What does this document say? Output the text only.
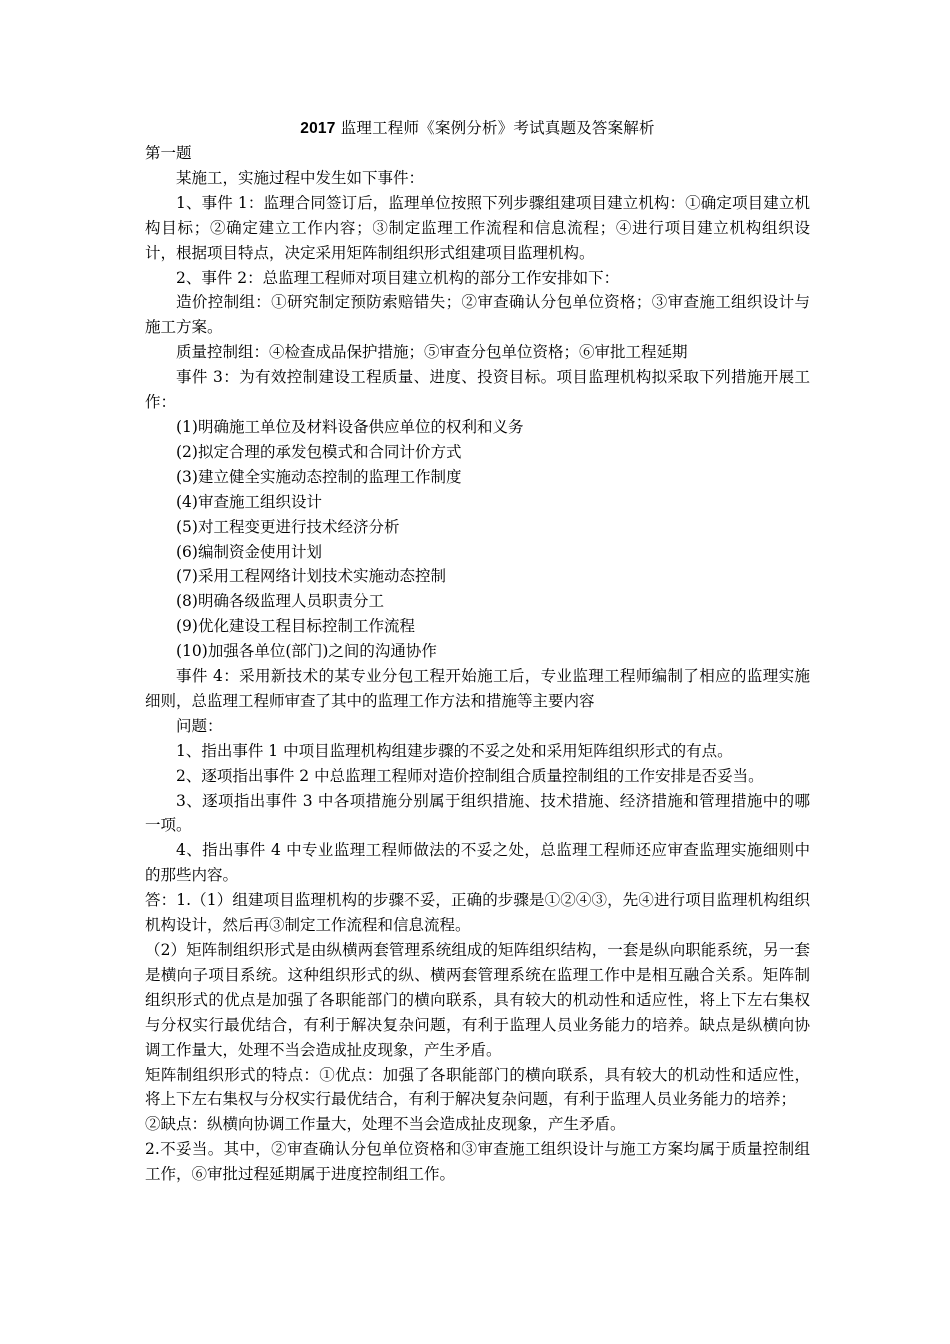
2017 监理工程师《案例分析》考试真题及答案解析

第一题

某施工，实施过程中发生如下事件：

1、事件 1：监理合同签订后，监理单位按照下列步骤组建项目建立机构：①确定项目建立机构目标；②确定建立工作内容；③制定监理工作流程和信息流程；④进行项目建立机构组织设计，根据项目特点，决定采用矩阵制组织形式组建项目监理机构。

2、事件 2：总监理工程师对项目建立机构的部分工作安排如下：

造价控制组：①研究制定预防索赔错失；②审查确认分包单位资格；③审查施工组织设计与施工方案。

质量控制组：④检查成品保护措施；⑤审查分包单位资格；⑥审批工程延期

事件 3：为有效控制建设工程质量、进度、投资目标。项目监理机构拟采取下列措施开展工作：

(1)明确施工单位及材料设备供应单位的权利和义务

(2)拟定合理的承发包模式和合同计价方式

(3)建立健全实施动态控制的监理工作制度

(4)审查施工组织设计

(5)对工程变更进行技术经济分析

(6)编制资金使用计划

(7)采用工程网络计划技术实施动态控制

(8)明确各级监理人员职责分工

(9)优化建设工程目标控制工作流程

(10)加强各单位(部门)之间的沟通协作

事件 4：采用新技术的某专业分包工程开始施工后，专业监理工程师编制了相应的监理实施细则，总监理工程师审查了其中的监理工作方法和措施等主要内容

问题：

1、指出事件 1 中项目监理机构组建步骤的不妥之处和采用矩阵组织形式的有点。

2、逐项指出事件 2 中总监理工程师对造价控制组合质量控制组的工作安排是否妥当。

3、逐项指出事件 3 中各项措施分别属于组织措施、技术措施、经济措施和管理措施中的哪一项。

4、指出事件 4 中专业监理工程师做法的不妥之处，总监理工程师还应审查监理实施细则中的那些内容。

答：1.（1）组建项目监理机构的步骤不妥，正确的步骤是①②④③，先④进行项目监理机构组织机构设计，然后再③制定工作流程和信息流程。

（2）矩阵制组织形式是由纵横两套管理系统组成的矩阵组织结构，一套是纵向职能系统，另一套是横向子项目系统。这种组织形式的纵、横两套管理系统在监理工作中是相互融合关系。矩阵制组织形式的优点是加强了各职能部门的横向联系，具有较大的机动性和适应性，将上下左右集权与分权实行最优结合，有利于解决复杂问题，有利于监理人员业务能力的培养。缺点是纵横向协调工作量大，处理不当会造成扯皮现象，产生矛盾。

矩阵制组织形式的特点：①优点：加强了各职能部门的横向联系，具有较大的机动性和适应性，将上下左右集权与分权实行最优结合，有利于解决复杂问题，有利于监理人员业务能力的培养；

②缺点：纵横向协调工作量大，处理不当会造成扯皮现象，产生矛盾。

2.不妥当。其中，②审查确认分包单位资格和③审查施工组织设计与施工方案均属于质量控制组工作，⑥审批过程延期属于进度控制组工作。
